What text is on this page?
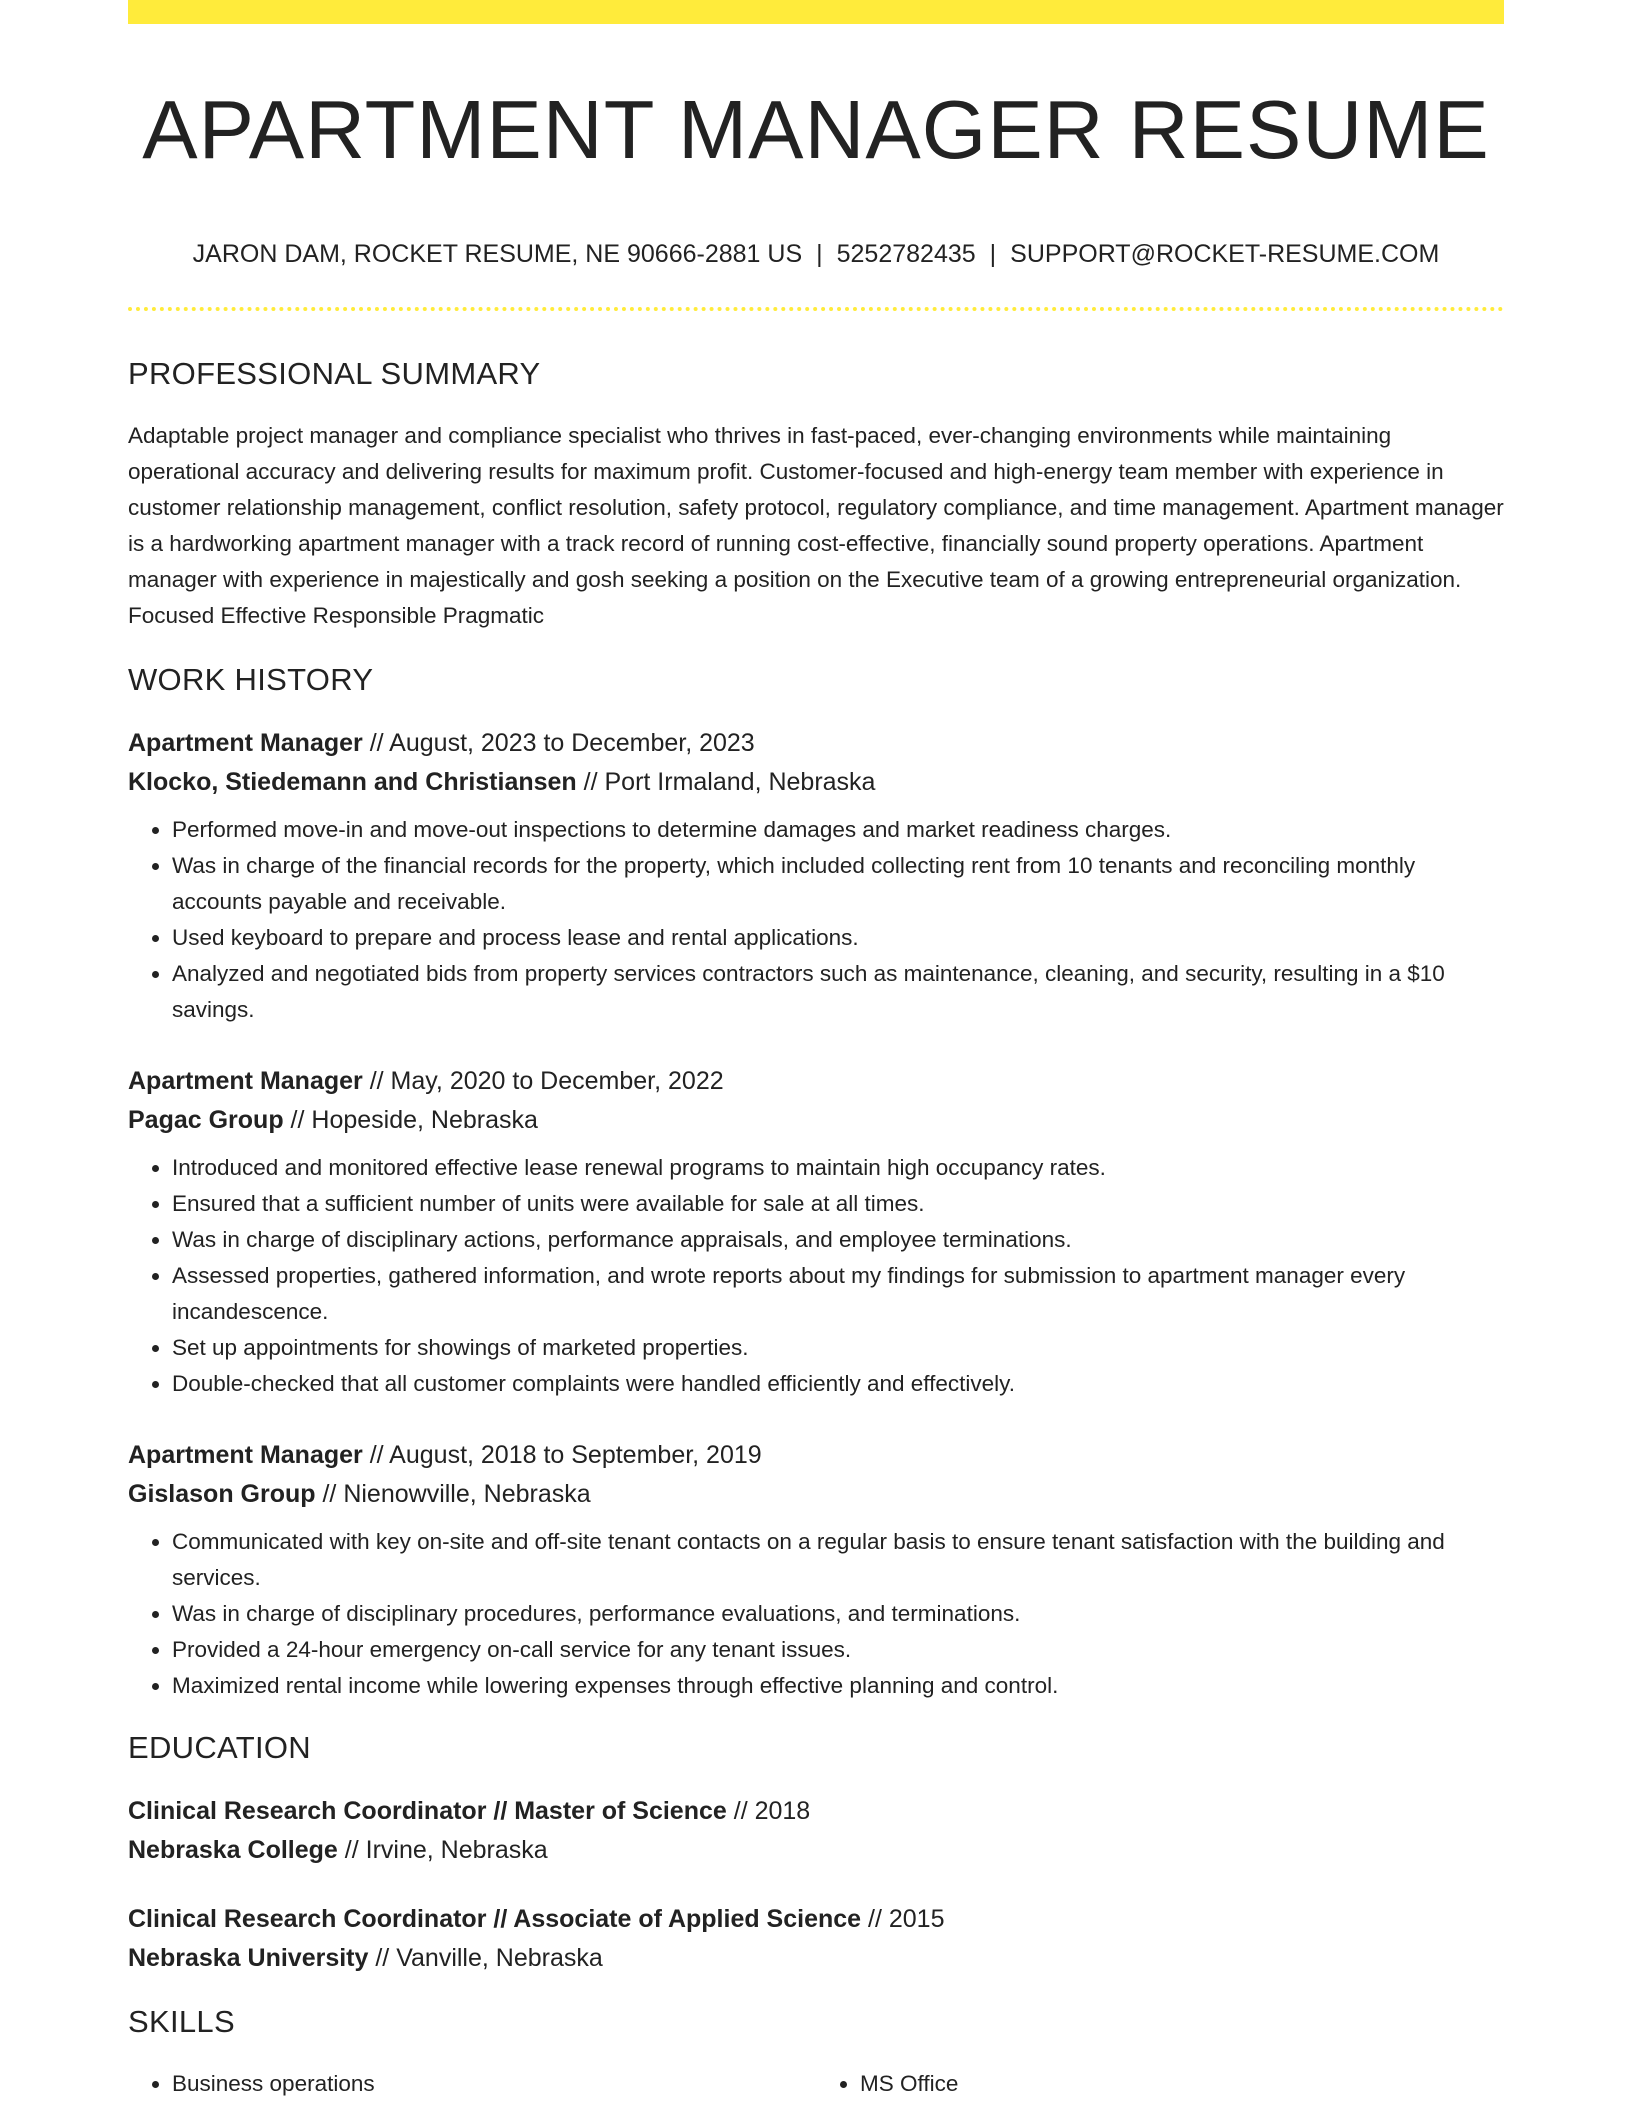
APARTMENT MANAGER RESUME
JARON DAM, ROCKET RESUME, NE 90666-2881 US | 5252782435 | SUPPORT@ROCKET-RESUME.COM
PROFESSIONAL SUMMARY

Adaptable project manager and compliance specialist who thrives in fast-paced, ever-changing environments while maintaining operational accuracy and delivering results for maximum profit. Customer-focused and high-energy team member with experience in customer relationship management, conflict resolution, safety protocol, regulatory compliance, and time management. Apartment manager is a hardworking apartment manager with a track record of running cost-effective, financially sound property operations. Apartment manager with experience in majestically and gosh seeking a position on the Executive team of a growing entrepreneurial organization. Focused Effective Responsible Pragmatic

WORK HISTORY
Apartment Manager // August, 2023 to December, 2023
Klocko, Stiedemann and Christiansen // Port Irmaland, Nebraska
• Performed move-in and move-out inspections to determine damages and market readiness charges.
• Was in charge of the financial records for the property, which included collecting rent from 10 tenants and reconciling monthly accounts payable and receivable.
• Used keyboard to prepare and process lease and rental applications.
• Analyzed and negotiated bids from property services contractors such as maintenance, cleaning, and security, resulting in a $10 savings.
Apartment Manager // May, 2020 to December, 2022
Pagac Group // Hopeside, Nebraska
• Introduced and monitored effective lease renewal programs to maintain high occupancy rates.
• Ensured that a sufficient number of units were available for sale at all times.
• Was in charge of disciplinary actions, performance appraisals, and employee terminations.
• Assessed properties, gathered information, and wrote reports about my findings for submission to apartment manager every incandescence.
• Set up appointments for showings of marketed properties.
• Double-checked that all customer complaints were handled efficiently and effectively.
Apartment Manager // August, 2018 to September, 2019
Gislason Group // Nienowville, Nebraska
• Communicated with key on-site and off-site tenant contacts on a regular basis to ensure tenant satisfaction with the building and services.
• Was in charge of disciplinary procedures, performance evaluations, and terminations.
• Provided a 24-hour emergency on-call service for any tenant issues.
• Maximized rental income while lowering expenses through effective planning and control.
EDUCATION
Clinical Research Coordinator // Master of Science // 2018
Nebraska College // Irvine, Nebraska
Clinical Research Coordinator // Associate of Applied Science // 2015
Nebraska University // Vanville, Nebraska
SKILLS
• Business operations
•	MS Office
